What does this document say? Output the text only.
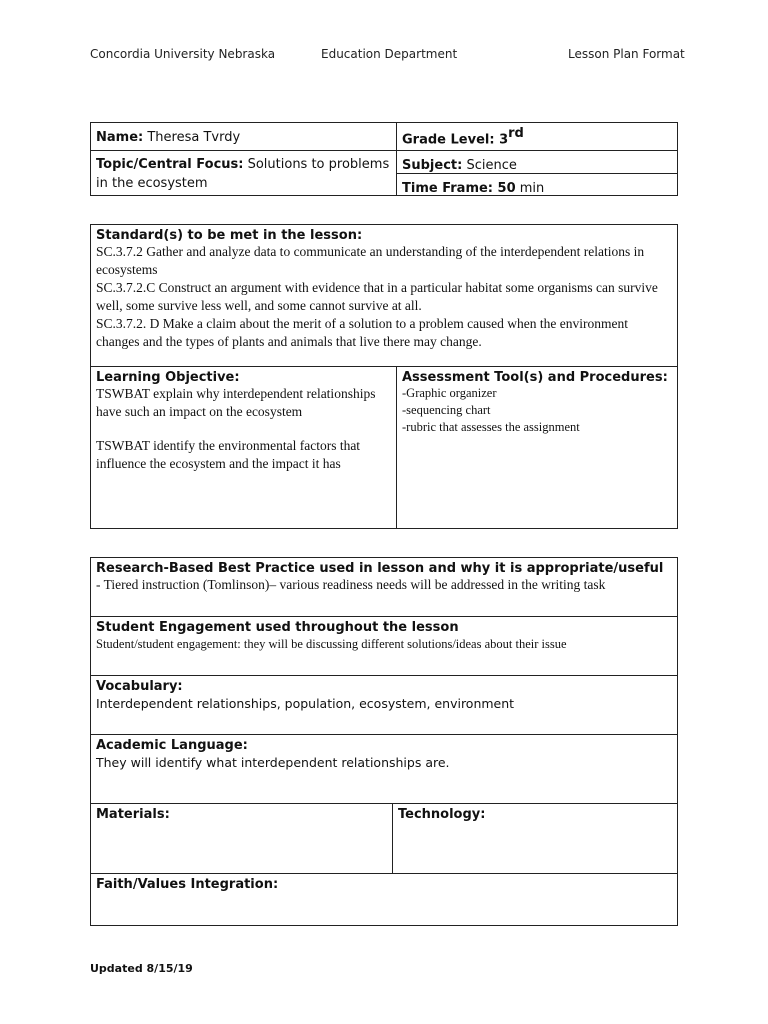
Concordia University Nebraska	Education Department	Lesson Plan Format
Name: Theresa Tvrdy	Grade Level: 3rd
Topic/Central Focus: Solutions to problems in the ecosystem
Subject: Science
Time Frame: 50 min
Standard(s) to be met in the lesson:
SC.3.7.2 Gather and analyze data to communicate an understanding of the interdependent relations in ecosystems
SC.3.7.2.C Construct an argument with evidence that in a particular habitat some organisms can survive well, some survive less well, and some cannot survive at all.
SC.3.7.2. D Make a claim about the merit of a solution to a problem caused when the environment changes and the types of plants and animals that live there may change.
Learning Objective:
TSWBAT explain why interdependent relationships have such an impact on the ecosystem
TSWBAT identify the environmental factors that influence the ecosystem and the impact it has
Assessment Tool(s) and Procedures:
-Graphic organizer
-sequencing chart
-rubric that assesses the assignment
Research-Based Best Practice used in lesson and why it is appropriate/useful
- Tiered instruction (Tomlinson)– various readiness needs will be addressed in the writing task
Student Engagement used throughout the lesson
Student/student engagement: they will be discussing different solutions/ideas about their issue
Vocabulary:
Interdependent relationships, population, ecosystem, environment
Academic Language:
They will identify what interdependent relationships are.
Materials:	Technology:
Faith/Values Integration:
Updated 8/15/19
